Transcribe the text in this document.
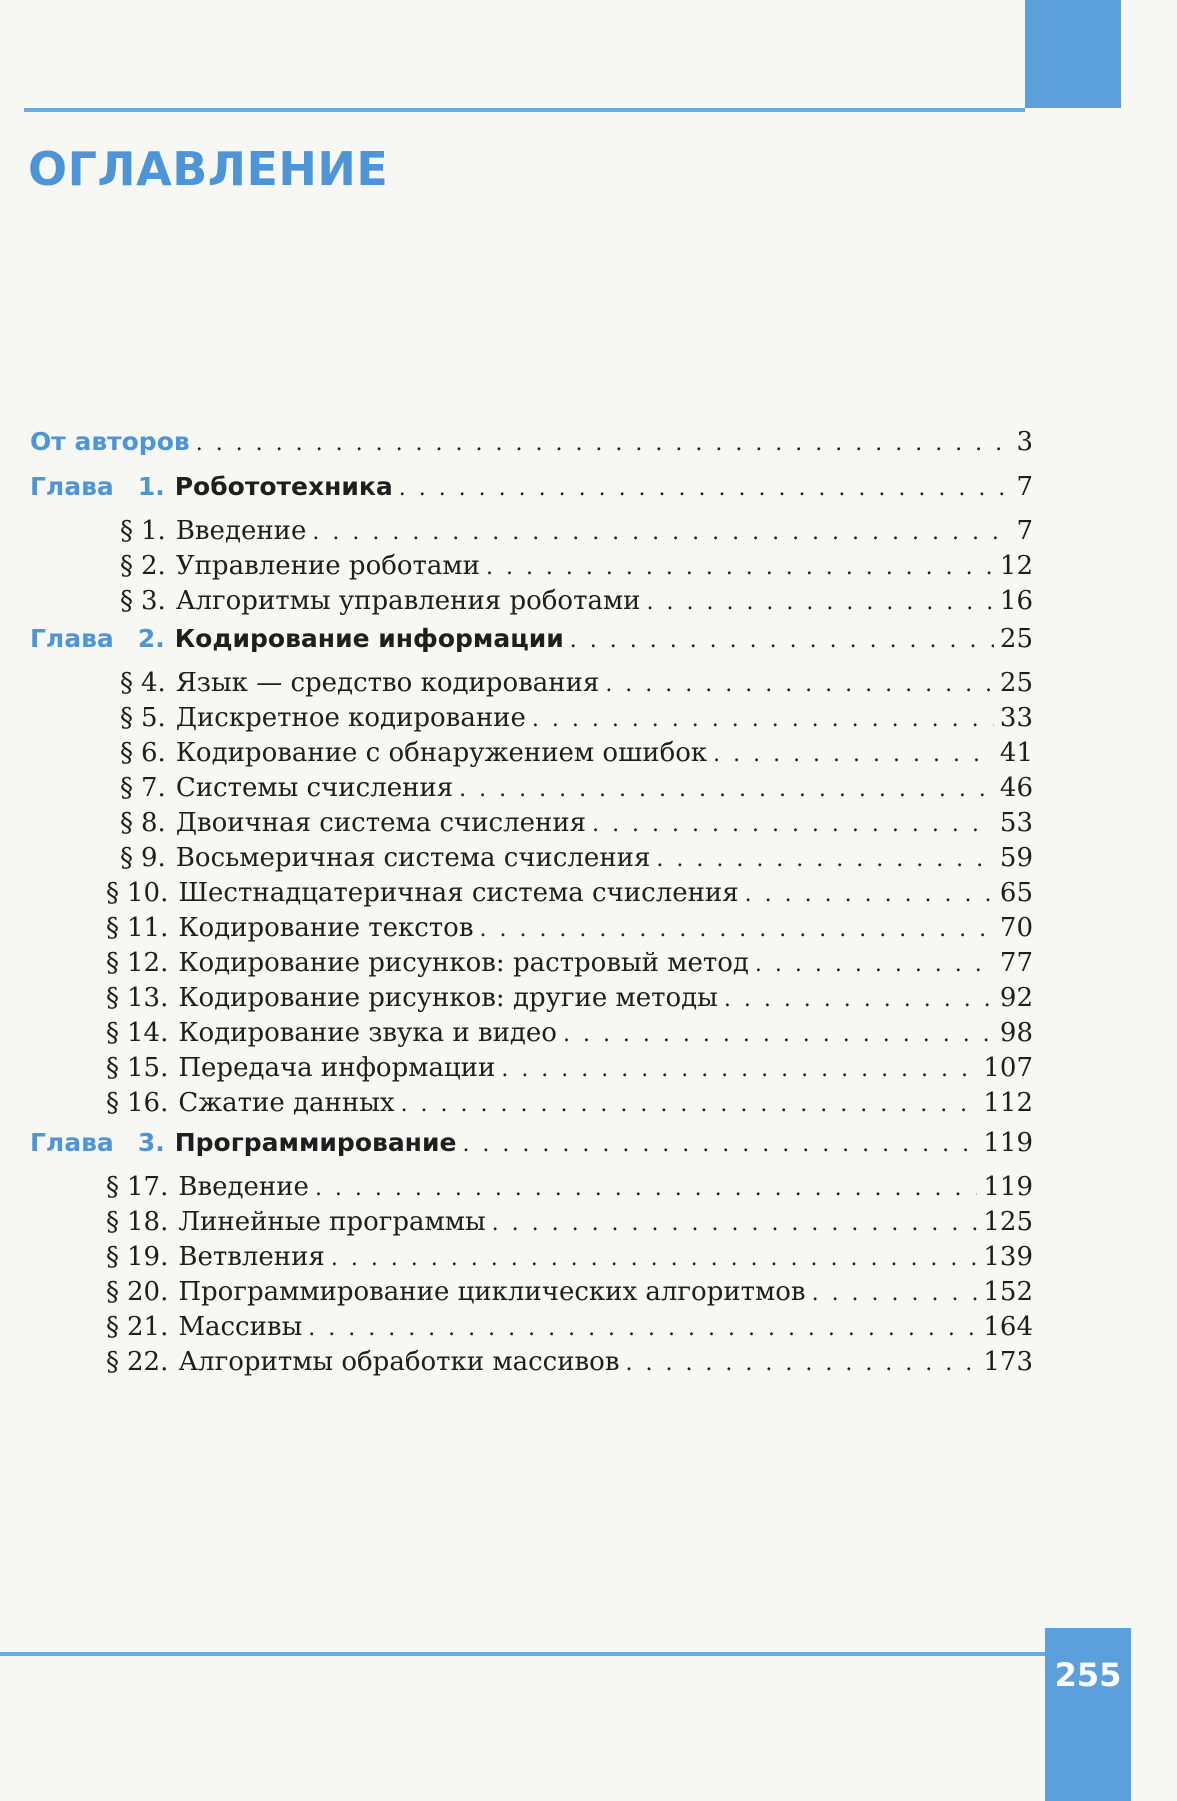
ОГЛАВЛЕНИЕ
От авторов . . .	3
Глава 1. Робототехника . . .	7
§ 1. Введение . . .	7
§ 2. Управление роботами . . .	12
§ 3. Алгоритмы управления роботами . . .	16
Глава 2. Кодирование информации . . .	25
§ 4. Язык — средство кодирования . . .	25
§ 5. Дискретное кодирование . . .	33
§ 6. Кодирование с обнаружением ошибок . . .	41
§ 7. Системы счисления . . .	46
§ 8. Двоичная система счисления . . .	53
§ 9. Восьмеричная система счисления . . .	59
§ 10. Шестнадцатеричная система счисления . . .	65
§ 11. Кодирование текстов . . .	70
§ 12. Кодирование рисунков: растровый метод . . .	77
§ 13. Кодирование рисунков: другие методы . . .	92
§ 14. Кодирование звука и видео . . .	98
§ 15. Передача информации . . .	107
§ 16. Сжатие данных . . .	112
Глава 3. Программирование . . .	119
§ 17. Введение . . .	119
§ 18. Линейные программы . . .	125
§ 19. Ветвления . . .	139
§ 20. Программирование циклических алгоритмов . . .	152
§ 21. Массивы . . .	164
§ 22. Алгоритмы обработки массивов . . .	173
255
